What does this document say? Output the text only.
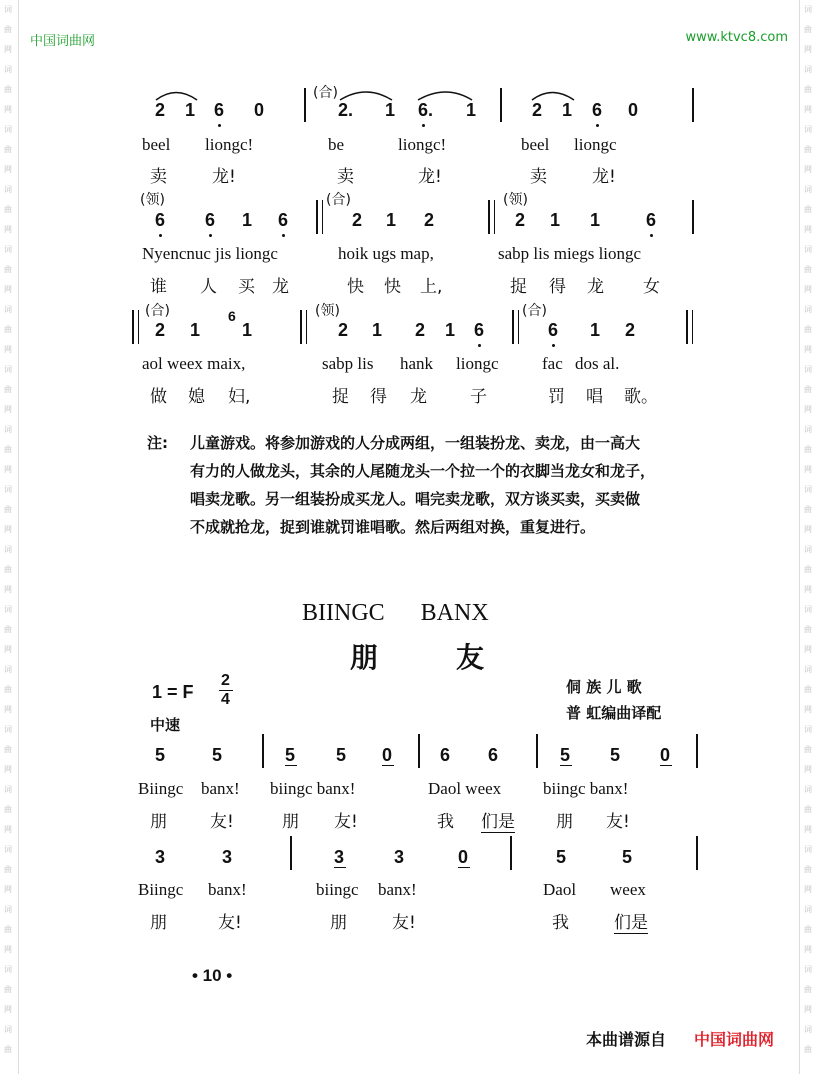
词
曲
网
词
曲
网
词
曲
网
词
曲
网
词
曲
网
词
曲
网
词
曲
网
词
曲
网
词
曲
网
词
曲
网
词
曲
网
词
曲
网
词
曲
网
词
曲
网
词
曲
网
词
曲
网
词
曲
网
词
曲
词
曲
网
词
曲
网
词
曲
网
词
曲
网
词
曲
网
词
曲
网
词
曲
网
词
曲
网
词
曲
网
词
曲
网
词
曲
网
词
曲
网
词
曲
网
词
曲
网
词
曲
网
词
曲
网
词
曲
网
词
曲
中国词曲网	www.ktvc8.com
(合)
2 1 6 0	2. 1 6. 1	2 1 6 0
beel liongc!	be	liongc!	beel liongc
卖	龙!	卖	龙!	卖	龙!
(领)	(合)	(领)
6 6 1 6	2 1 2	2 1 1	6
Nyencnuc jis liongc	hoik ugs map,	sabp lis miegs liongc
谁 人 买 龙	快 快 上,	捉 得 龙 女
(合)	(领)	(合)
2 1
6
1	2 1 2 1 6	6 1 2
aol weex maix,	sabp lis hank liongc	fac dos al.
做 媳 妇,	捉 得 龙	子	罚 唱 歌。
注: 儿童游戏。将参加游戏的人分成两组，一组装扮龙、卖龙，由一高大
有力的人做龙头，其余的人尾随龙头一个拉一个的衣脚当龙女和龙子，
唱卖龙歌。另一组装扮成买龙人。唱完卖龙歌，双方谈买卖，买卖做
不成就抢龙，捉到谁就罚谁唱歌。然后两组对换，重复进行。
BIINGC      BANX
朋        友
1 = F
2
4
中速
侗 族 儿 歌
普 虹编曲译配
5	5	5 5 0	6 6	5 5 0
Biingc banx! biingc banx!	Daol weex biingc banx!
朋	友!	朋 友!	我 们是 朋 友!
3	3	3	3	0	5	5
Biingc banx!	biingc banx!	Daol weex
朋	友!	朋	友!	我	们是
• 10 •
本曲谱源自 中国词曲网
